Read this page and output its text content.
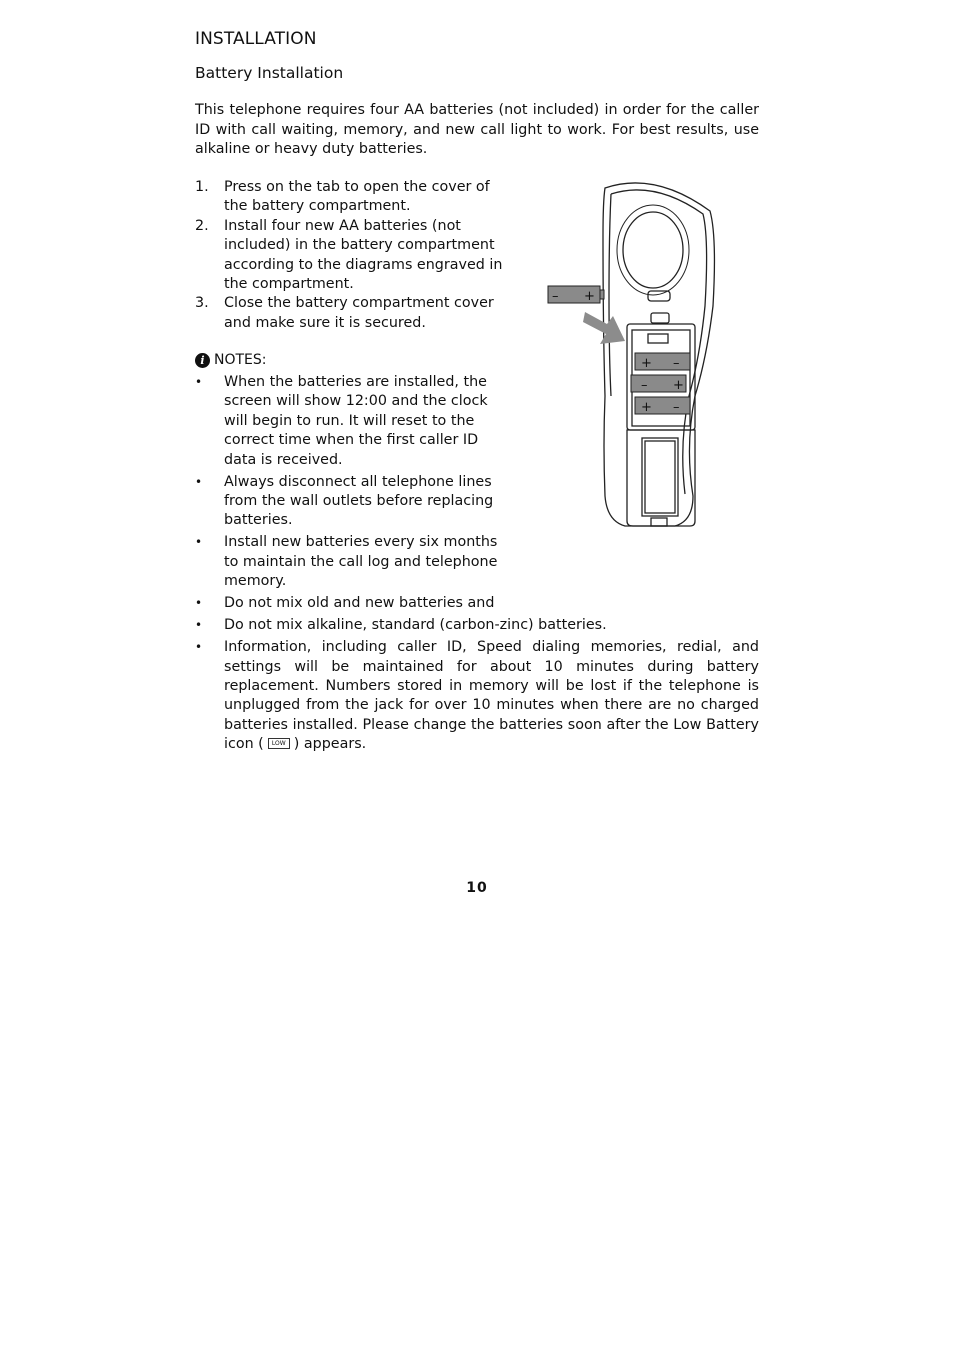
INSTALLATION
Battery Installation
This telephone requires four AA batteries (not included) in order for the caller ID with call waiting, memory, and new call light to work. For best results, use alkaline or heavy duty batteries.
1. Press on the tab to open the cover of the battery compartment.
2. Install four new AA batteries (not included) in the battery compartment according to the diagrams engraved in the compartment.
3. Close the battery compartment cover and make sure it is secured.
i NOTES:
• When the batteries are installed, the screen will show 12:00 and the clock will begin to run. It will reset to the correct time when the first caller ID data is received.
• Always disconnect all telephone lines from the wall outlets before replacing batteries.
• Install new batteries every six months to maintain the call log and telephone memory.
• Do not mix old and new batteries and
• Do not mix alkaline, standard (carbon-zinc) batteries.
• Information, including caller ID, Speed dialing memories, redial, and settings will be maintained for about 10 minutes during battery replacement. Numbers stored in memory will be lost if the telephone is unplugged from the jack for over 10 minutes when there are no charged batteries installed. Please change the batteries soon after the Low Battery icon ( LOW ) appears.
– +
+ –
– +
+ –
10
